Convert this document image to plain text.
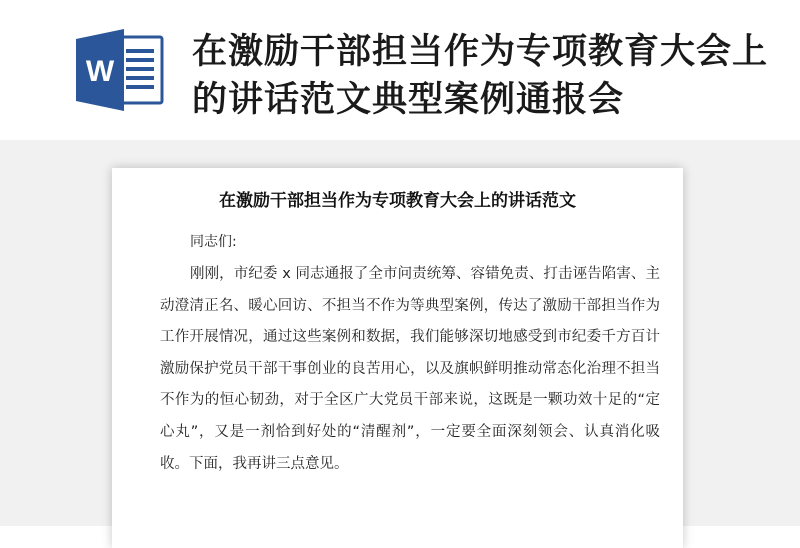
W 在激励干部担当作为专项教育大会上的讲话范文典型案例通报会
在激励干部担当作为专项教育大会上的讲话范文
同志们:

刚刚，市纪委 x 同志通报了全市问责统筹、容错免责、打击诬告陷害、主动澄清正名、暖心回访、不担当不作为等典型案例，传达了激励干部担当作为工作开展情况，通过这些案例和数据，我们能够深切地感受到市纪委千方百计激励保护党员干部干事创业的良苦用心，以及旗帜鲜明推动常态化治理不担当不作为的恒心韧劲，对于全区广大党员干部来说，这既是一颗功效十足的“定心丸”，又是一剂恰到好处的“清醒剂”，一定要全面深刻领会、认真消化吸收。下面，我再讲三点意见。
